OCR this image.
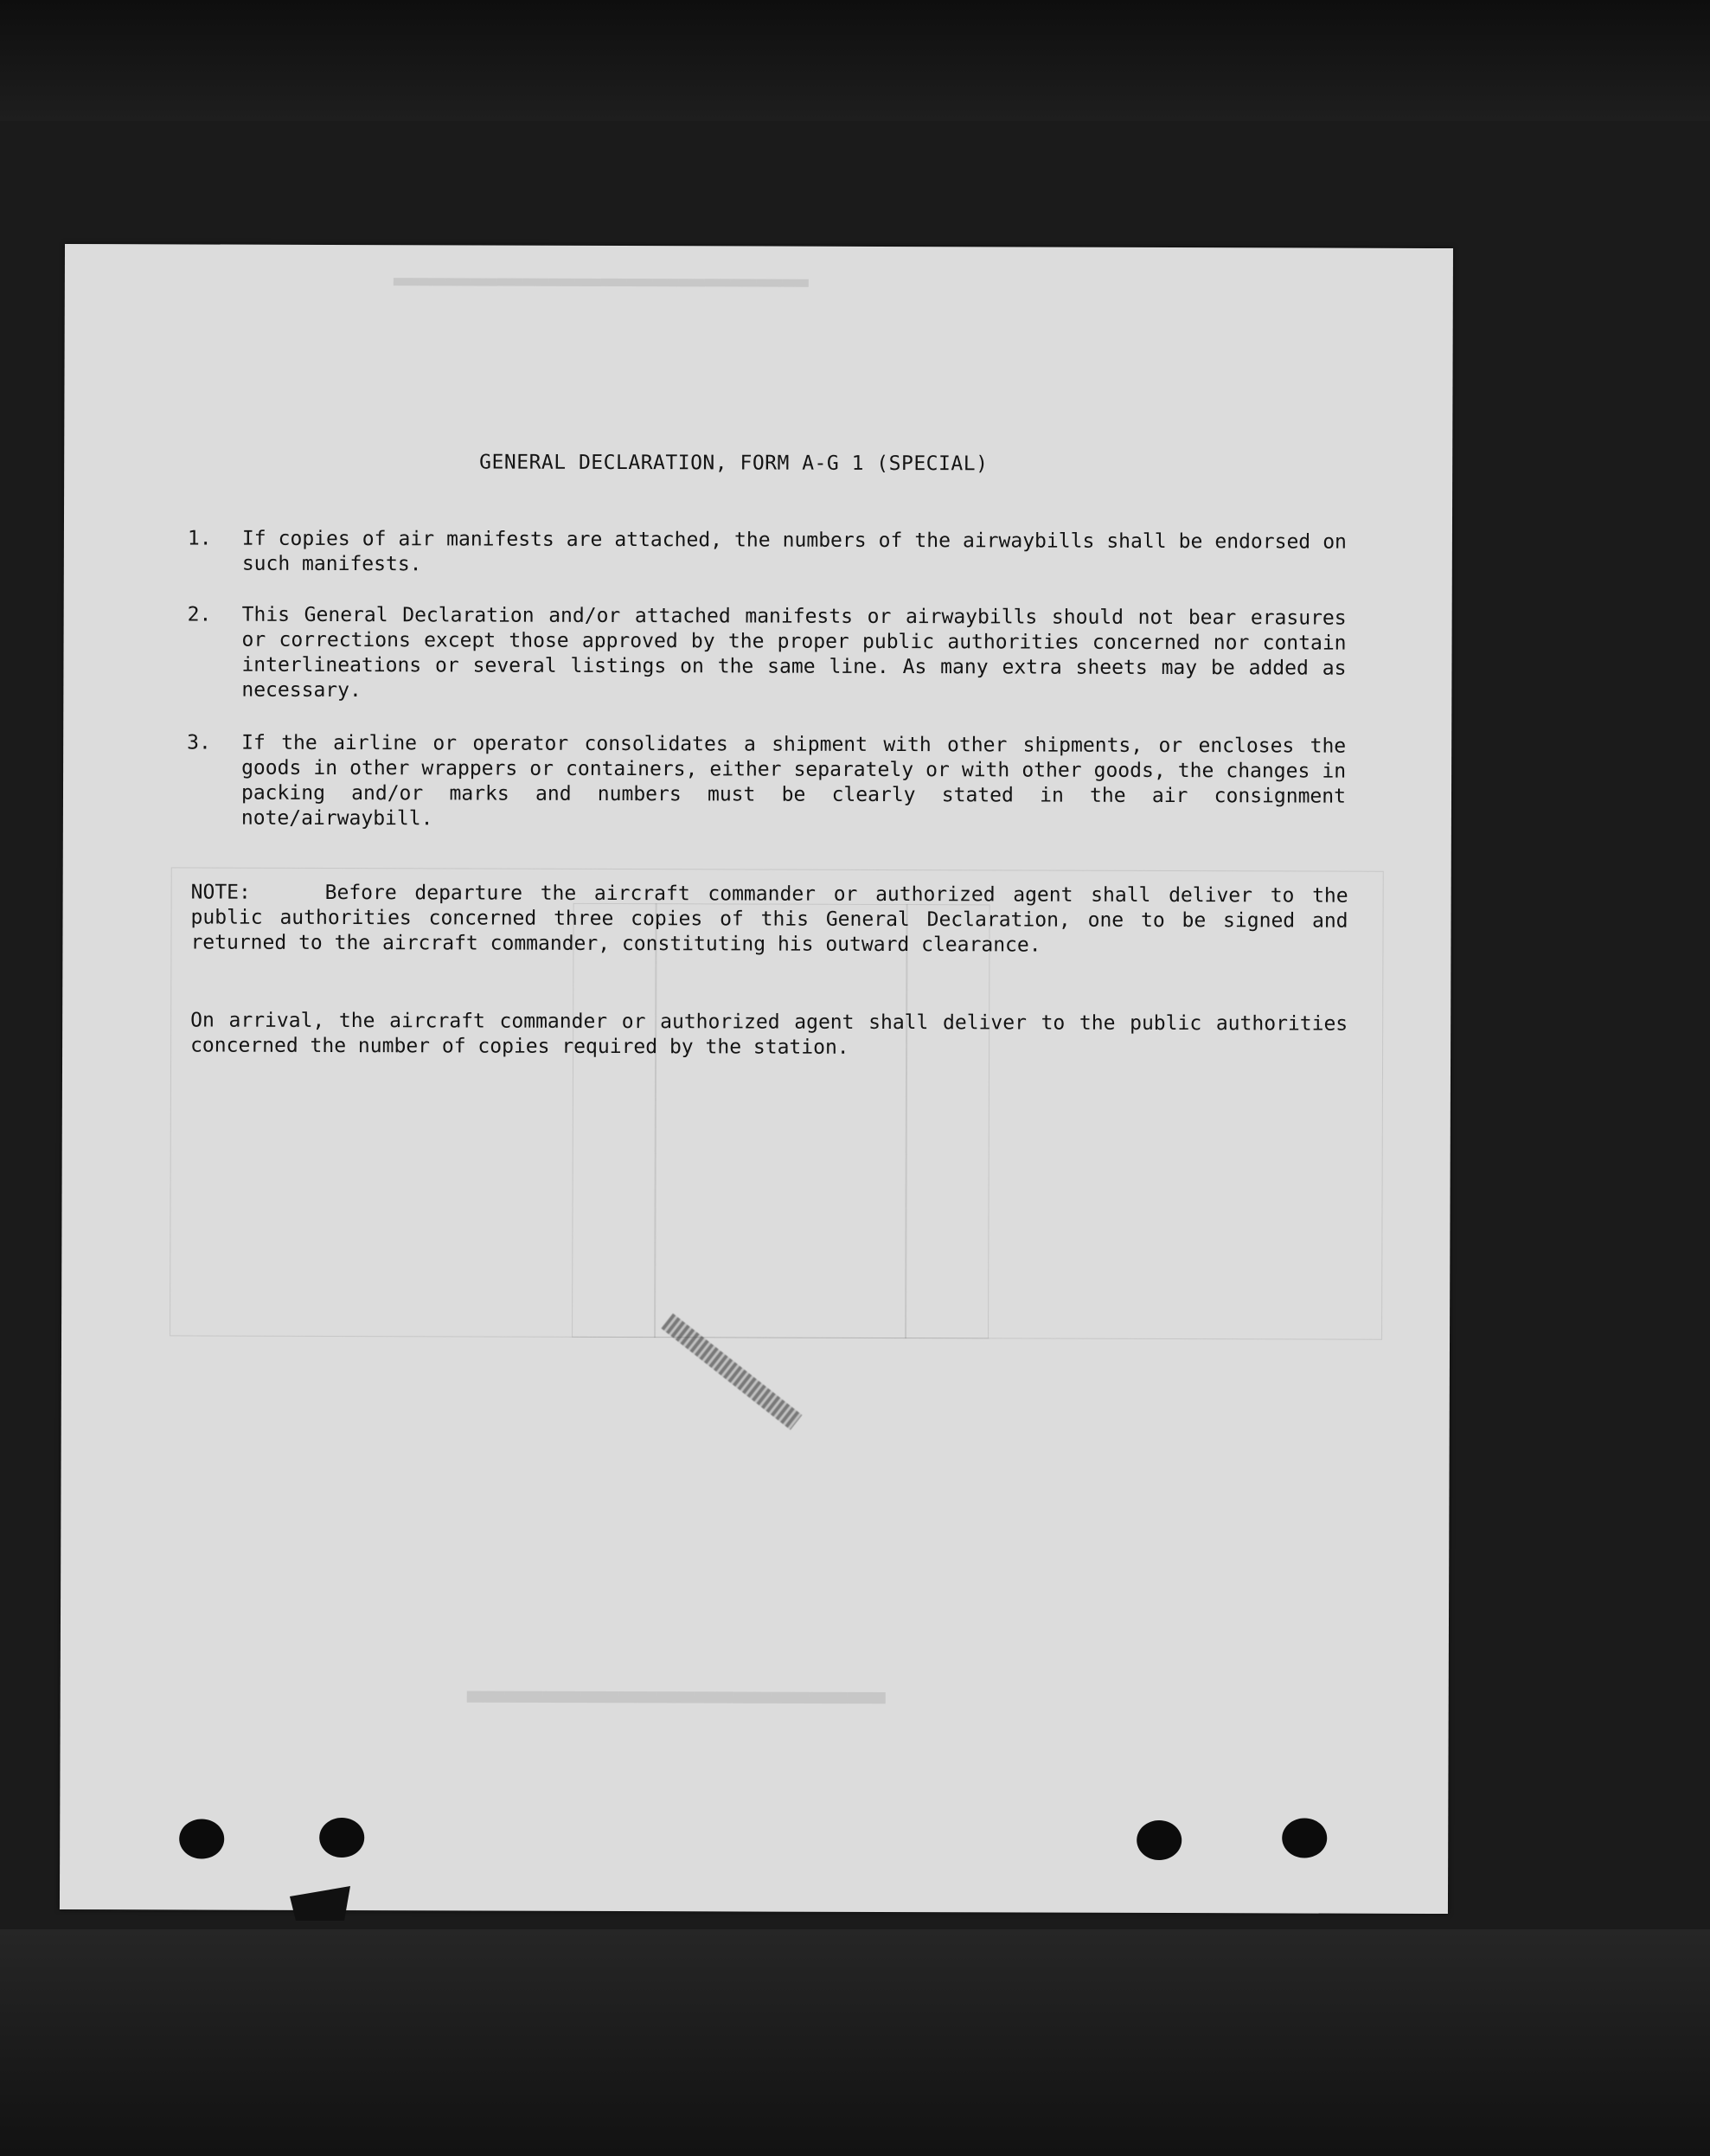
▬▬▬▬▬▬▬▬▬▬▬▬▬▬▬▬
▬▬▬▬▬▬▬▬▬▬▬
GENERAL DECLARATION, FORM A-G 1 (SPECIAL)
1.	If copies of air manifests are attached, the numbers of the airwaybills shall be endorsed on such manifests.
2.	This General Declaration and/or attached manifests or airwaybills should not bear erasures or corrections except those approved by the proper public authorities concerned nor contain interlineations or several listings on the same line. As many extra sheets may be added as necessary.
3.	If the airline or operator consolidates a shipment with other shipments, or encloses the goods in other wrappers or containers, either separately or with other goods, the changes in packing and/or marks and numbers must be clearly stated in the air consignment note/airwaybill.
NOTE:	Before departure the aircraft commander or authorized agent shall deliver to the public authorities concerned three copies of this General Declaration, one to be signed and returned to the aircraft commander, constituting his outward clearance.
On arrival, the aircraft commander or authorized agent shall deliver to the public authorities concerned the number of copies required by the station.
